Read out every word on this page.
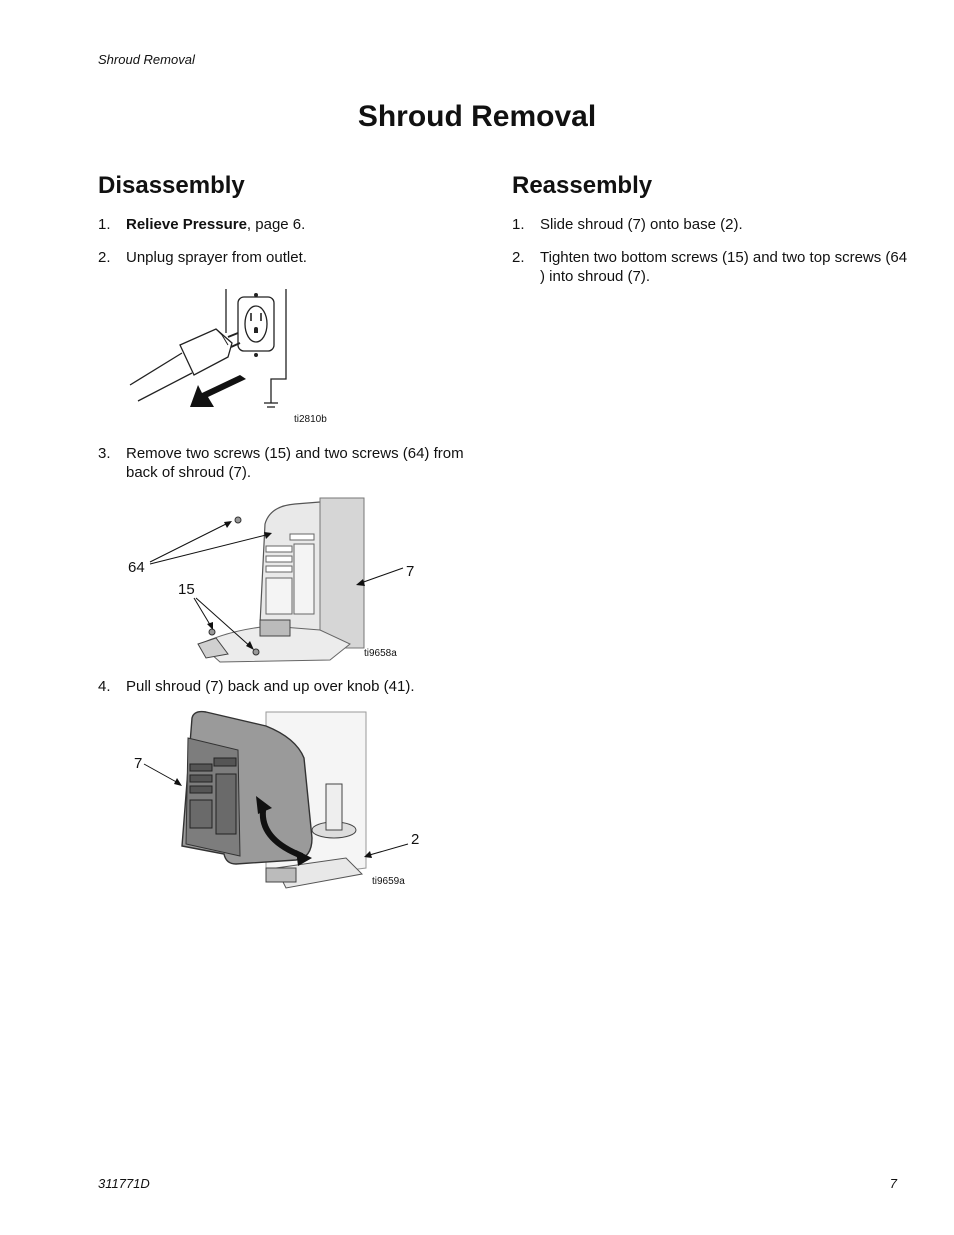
Shroud Removal
Shroud Removal
Disassembly
1. Relieve Pressure, page 6.
2. Unplug sprayer from outlet.
ti2810b
3. Remove two screws (15) and two screws (64) from back of shroud (7).
64
15
7
ti9658a
4. Pull shroud (7) back and up over knob (41).
7
2
ti9659a
Reassembly
1. Slide shroud (7) onto base (2).
2. Tighten two bottom screws (15) and two top screws (64 ) into shroud (7).
311771D	7
